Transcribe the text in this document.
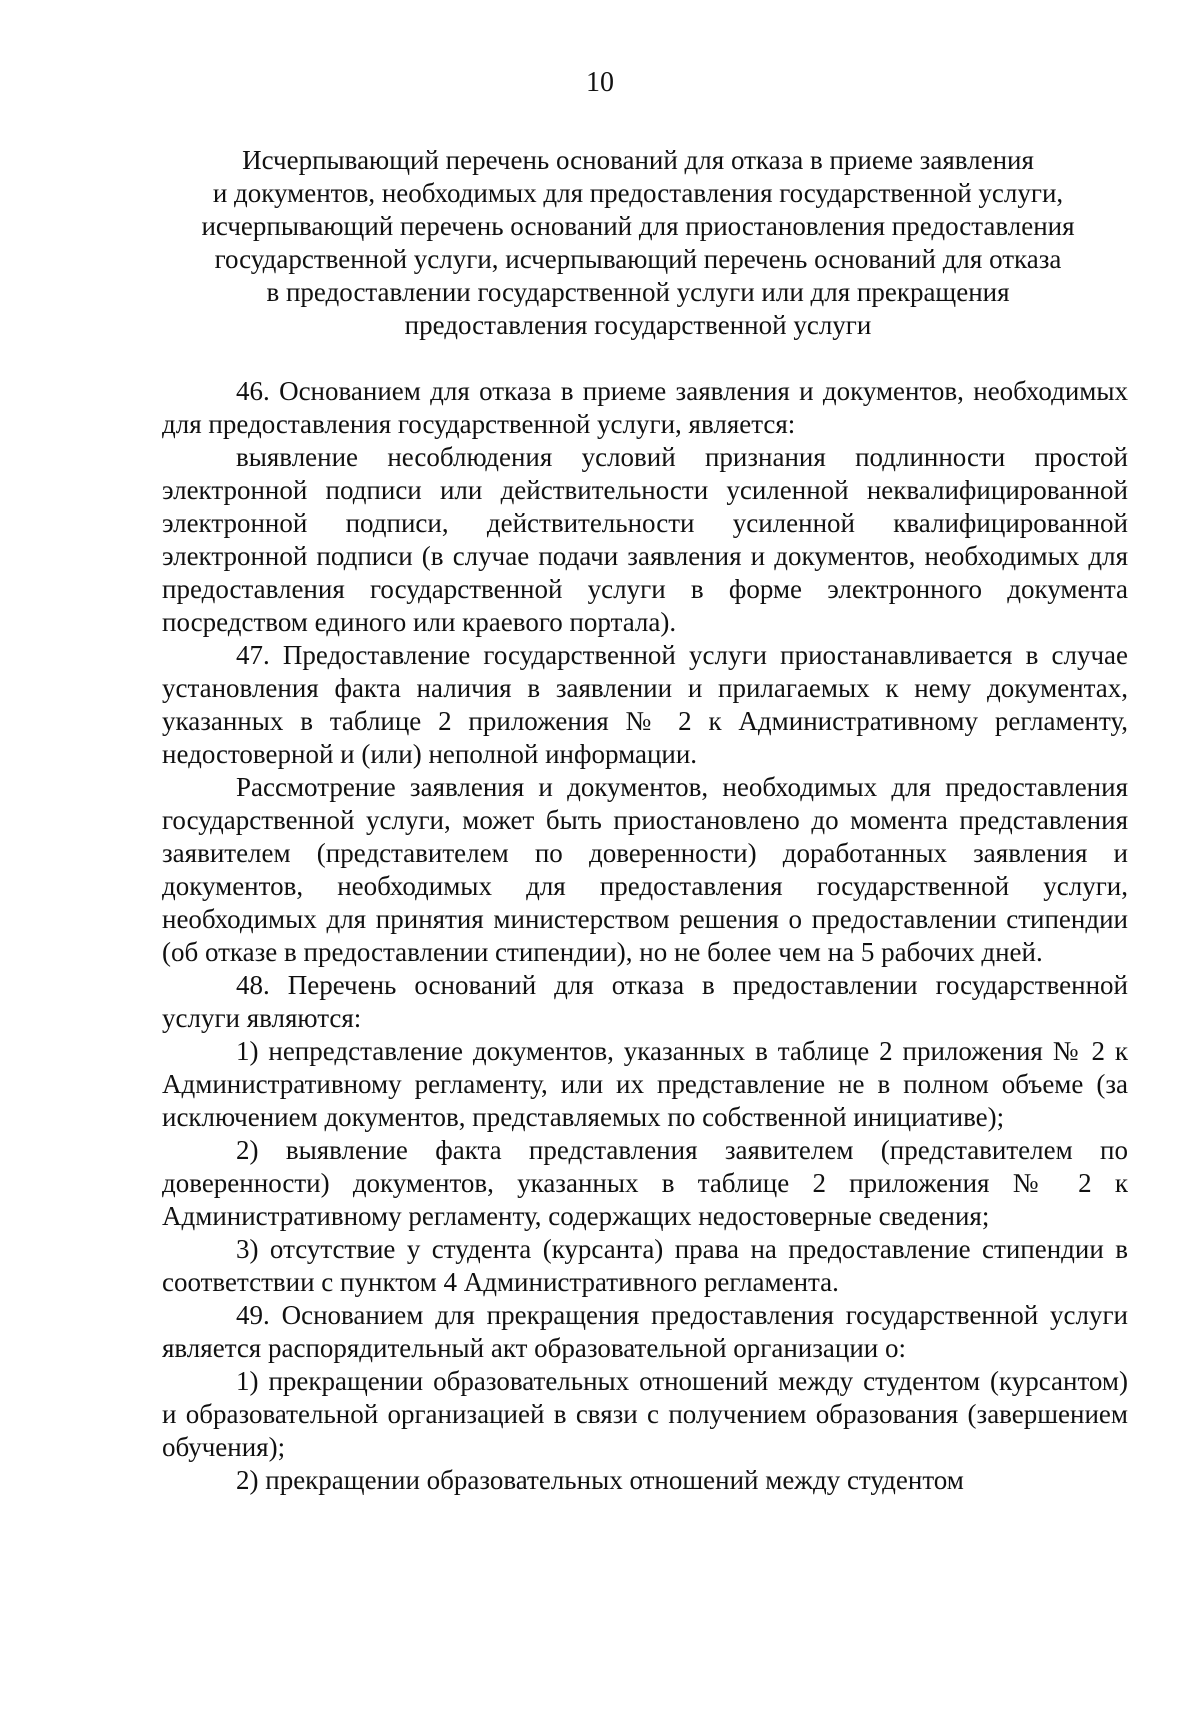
10
Исчерпывающий перечень оснований для отказа в приеме заявления
и документов, необходимых для предоставления государственной услуги,
исчерпывающий перечень оснований для приостановления предоставления
государственной услуги, исчерпывающий перечень оснований для отказа
в предоставлении государственной услуги или для прекращения
предоставления государственной услуги

46. Основанием для отказа в приеме заявления и документов, необходимых для предоставления государственной услуги, является:

выявление несоблюдения условий признания подлинности простой электронной подписи или действительности усиленной неквалифицированной электронной подписи, действительности усиленной квалифицированной электронной подписи (в случае подачи заявления и документов, необходимых для предоставления государственной услуги в форме электронного документа посредством единого или краевого портала).

47. Предоставление государственной услуги приостанавливается в случае установления факта наличия в заявлении и прилагаемых к нему документах, указанных в таблице 2 приложения № 2 к Административному регламенту, недостоверной и (или) неполной информации.

Рассмотрение заявления и документов, необходимых для предоставления государственной услуги, может быть приостановлено до момента представления заявителем (представителем по доверенности) доработанных заявления и документов, необходимых для предоставления государственной услуги, необходимых для принятия министерством решения о предоставлении стипендии (об отказе в предоставлении стипендии), но не более чем на 5 рабочих дней.

48. Перечень оснований для отказа в предоставлении государственной услуги являются:

1) непредставление документов, указанных в таблице 2 приложения № 2 к Административному регламенту, или их представление не в полном объеме (за исключением документов, представляемых по собственной инициативе);

2) выявление факта представления заявителем (представителем по доверенности) документов, указанных в таблице 2 приложения № 2 к Административному регламенту, содержащих недостоверные сведения;

3) отсутствие у студента (курсанта) права на предоставление стипендии в соответствии с пунктом 4 Административного регламента.

49. Основанием для прекращения предоставления государственной услуги является распорядительный акт образовательной организации о:

1) прекращении образовательных отношений между студентом (курсантом) и образовательной организацией в связи с получением образования (завершением обучения);

2) прекращении образовательных отношений между студентом
